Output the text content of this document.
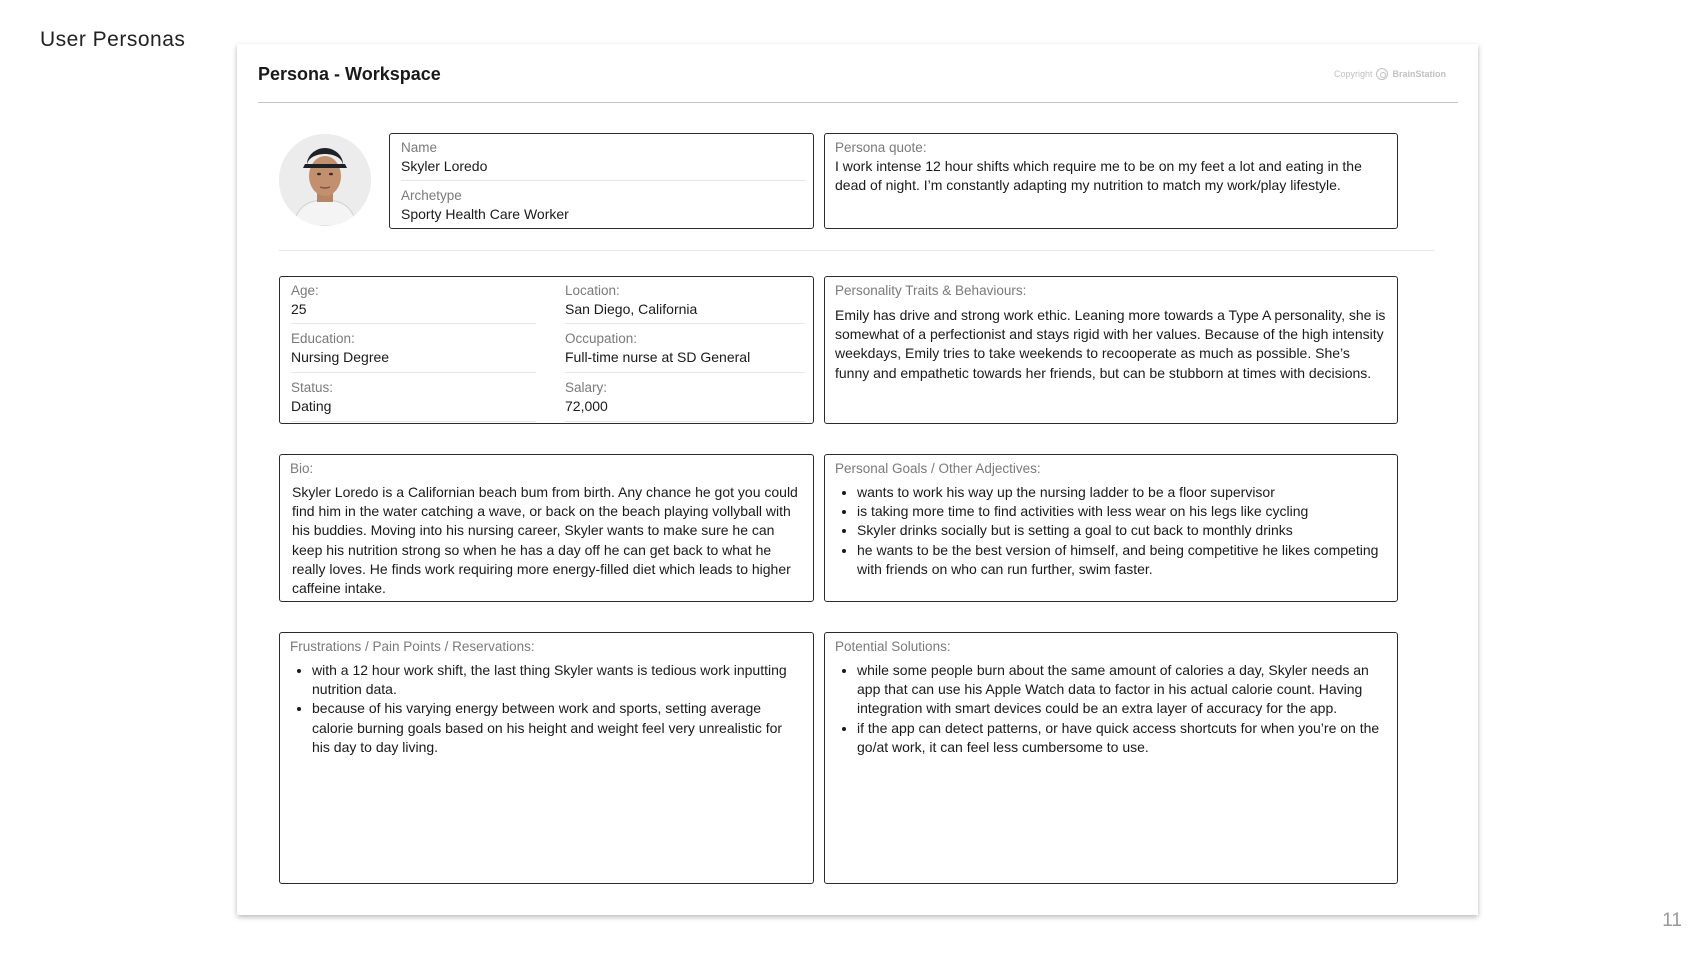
User Personas
Persona - Workspace	Copyright BrainStation
Name
Skyler Loredo
Archetype
Sporty Health Care Worker
Persona quote:

I work intense 12 hour shifts which require me to be on my feet a lot and eating in the dead of night. I’m constantly adapting my nutrition to match my work/play lifestyle.

Age:
25
Location:
San Diego, California
Education:
Nursing Degree
Occupation:
Full-time nurse at SD General
Status:
Dating
Salary:
72,000
Personality Traits & Behaviours:

Emily has drive and strong work ethic. Leaning more towards a Type A personality, she is somewhat of a perfectionist and stays rigid with her values. Because of the high intensity weekdays, Emily tries to take weekends to recooperate as much as possible. She’s funny and empathetic towards her friends, but can be stubborn at times with decisions.

Bio:

Skyler Loredo is a Californian beach bum from birth. Any chance he got you could find him in the water catching a wave, or back on the beach playing vollyball with his buddies. Moving into his nursing career, Skyler wants to make sure he can keep his nutrition strong so when he has a day off he can get back to what he really loves. He finds work requiring more energy-filled diet which leads to higher caffeine intake.

Personal Goals / Other Adjectives:
• wants to work his way up the nursing ladder to be a floor supervisor
• is taking more time to find activities with less wear on his legs like cycling
• Skyler drinks socially but is setting a goal to cut back to monthly drinks
• he wants to be the best version of himself, and being competitive he likes competing with friends on who can run further, swim faster.
Frustrations / Pain Points / Reservations:
• with a 12 hour work shift, the last thing Skyler wants is tedious work inputting nutrition data.
• because of his varying energy between work and sports, setting average calorie burning goals based on his height and weight feel very unrealistic for his day to day living.
Potential Solutions:
• while some people burn about the same amount of calories a day, Skyler needs an app that can use his Apple Watch data to factor in his actual calorie count. Having integration with smart devices could be an extra layer of accuracy for the app.
• if the app can detect patterns, or have quick access shortcuts for when you’re on the go/at work, it can feel less cumbersome to use.
11
